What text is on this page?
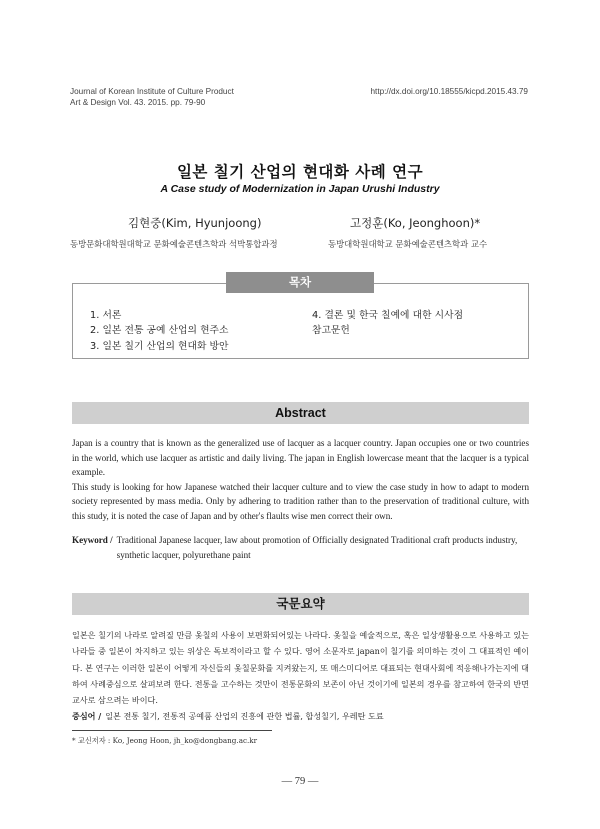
Journal of Korean Institute of Culture Product
Art & Design Vol. 43. 2015. pp. 79-90
http://dx.doi.org/10.18555/kicpd.2015.43.79
일본 칠기 산업의 현대화 사례 연구
A Case study of Modernization in Japan Urushi Industry
김현중(Kim, Hyunjoong)	고정훈(Ko, Jeonghoon)*
동방문화대학원대학교 문화예술콘텐츠학과 석박통합과정	동방대학원대학교 문화예술콘텐츠학과 교수
목차
1. 서론
2. 일본 전통 공예 산업의 현주소
3. 일본 칠기 산업의 현대화 방안
4. 결론 및 한국 칠예에 대한 시사점
참고문헌
Abstract

Japan is a country that is known as the generalized use of lacquer as a lacquer country. Japan occupies one or two countries in the world, which use lacquer as artistic and daily living. The japan in English lowercase meant that the lacquer is a typical example.

This study is looking for how Japanese watched their lacquer culture and to view the case study in how to adapt to modern society represented by mass media. Only by adhering to tradition rather than to the preservation of traditional culture, with this study, it is noted the case of Japan and by other's flaults wise men correct their own.

Keyword / Traditional Japanese lacquer, law about promotion of Officially designated Traditional craft products industry, synthetic lacquer, polyurethane paint
국문요약
일본은 칠기의 나라로 알려질 만큼 옻칠의 사용이 보편화되어있는 나라다. 옻칠을 예술적으로, 혹은 일상생활용으로 사용하고 있는 나라들 중 일본이 차지하고 있는 위상은 독보적이라고 할 수 있다. 영어 소문자로 japan이 칠기를 의미하는 것이 그 대표적인 예이다. 본 연구는 이러한 일본이 어떻게 자신들의 옻칠문화를 지켜왔는지, 또 매스미디어로 대표되는 현대사회에 적응해나가는지에 대하여 사례중심으로 살펴보려 한다. 전통을 고수하는 것만이 전통문화의 보존이 아닌 것이기에 일본의 경우를 참고하여 한국의 반면교사로 삼으려는 바이다.
중심어 / 일본 전통 칠기, 전통적 공예품 산업의 진흥에 관한 법률, 합성칠기, 우레탄 도료
* 교신저자 : Ko, Jeong Hoon, jh_ko@dongbang.ac.kr
― 79 ―
